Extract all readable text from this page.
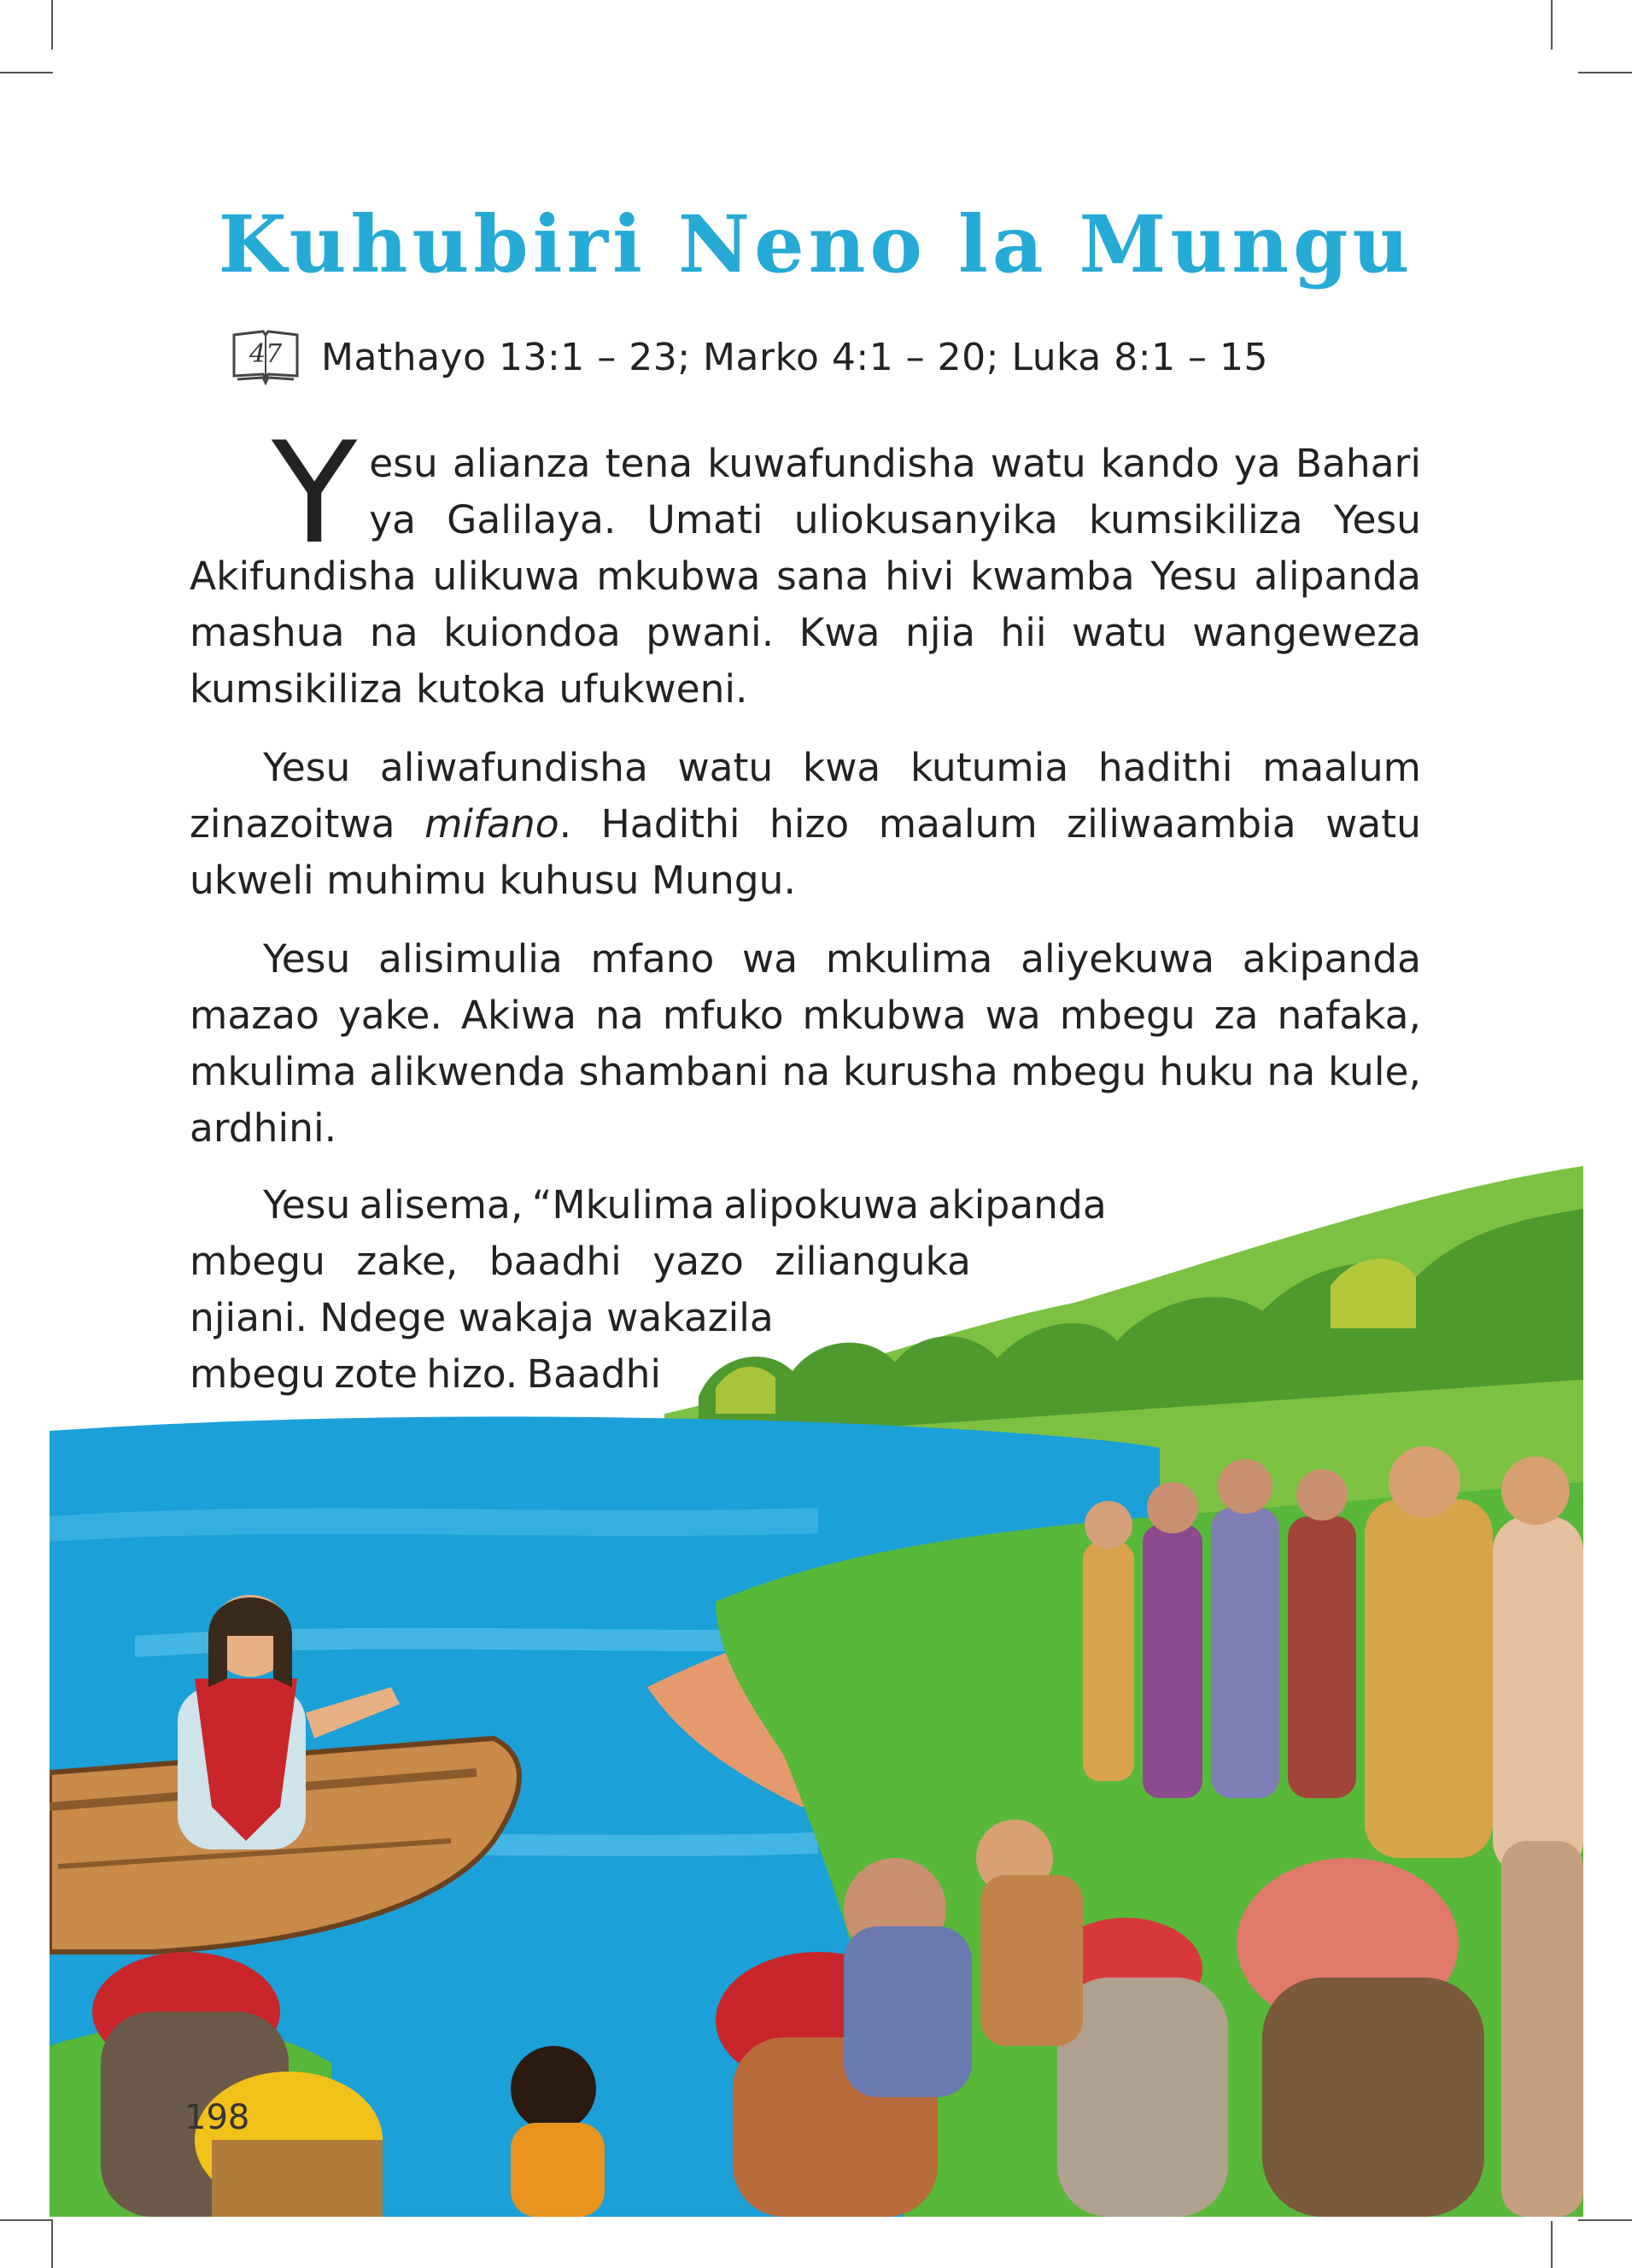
Kuhubiri Neno la Mungu
47 Mathayo 13:1 – 23; Marko 4:1 – 20; Luka 8:1 – 15

Yesu alianza tena kuwafundisha watu kando ya Bahari ya Galilaya. Umati uliokusanyika kumsikiliza Yesu Akifundisha ulikuwa mkubwa sana hivi kwamba Yesu alipanda mashua na kuiondoa pwani. Kwa njia hii watu wangeweza kumsikiliza kutoka ufukweni.

Yesu aliwafundisha watu kwa kutumia hadithi maalum zinazoitwa mifano. Hadithi hizo maalum ziliwaambia watu ukweli muhimu kuhusu Mungu.

Yesu alisimulia mfano wa mkulima aliyekuwa akipanda mazao yake. Akiwa na mfuko mkubwa wa mbegu za nafaka, mkulima alikwenda shambani na kurusha mbegu huku na kule, ardhini.

Yesu alisema, “Mkulima alipokuwa akipanda
mbegu zake, baadhi yazo zilianguka
njiani. Ndege wakaja wakazila
mbegu zote hizo. Baadhi
198
